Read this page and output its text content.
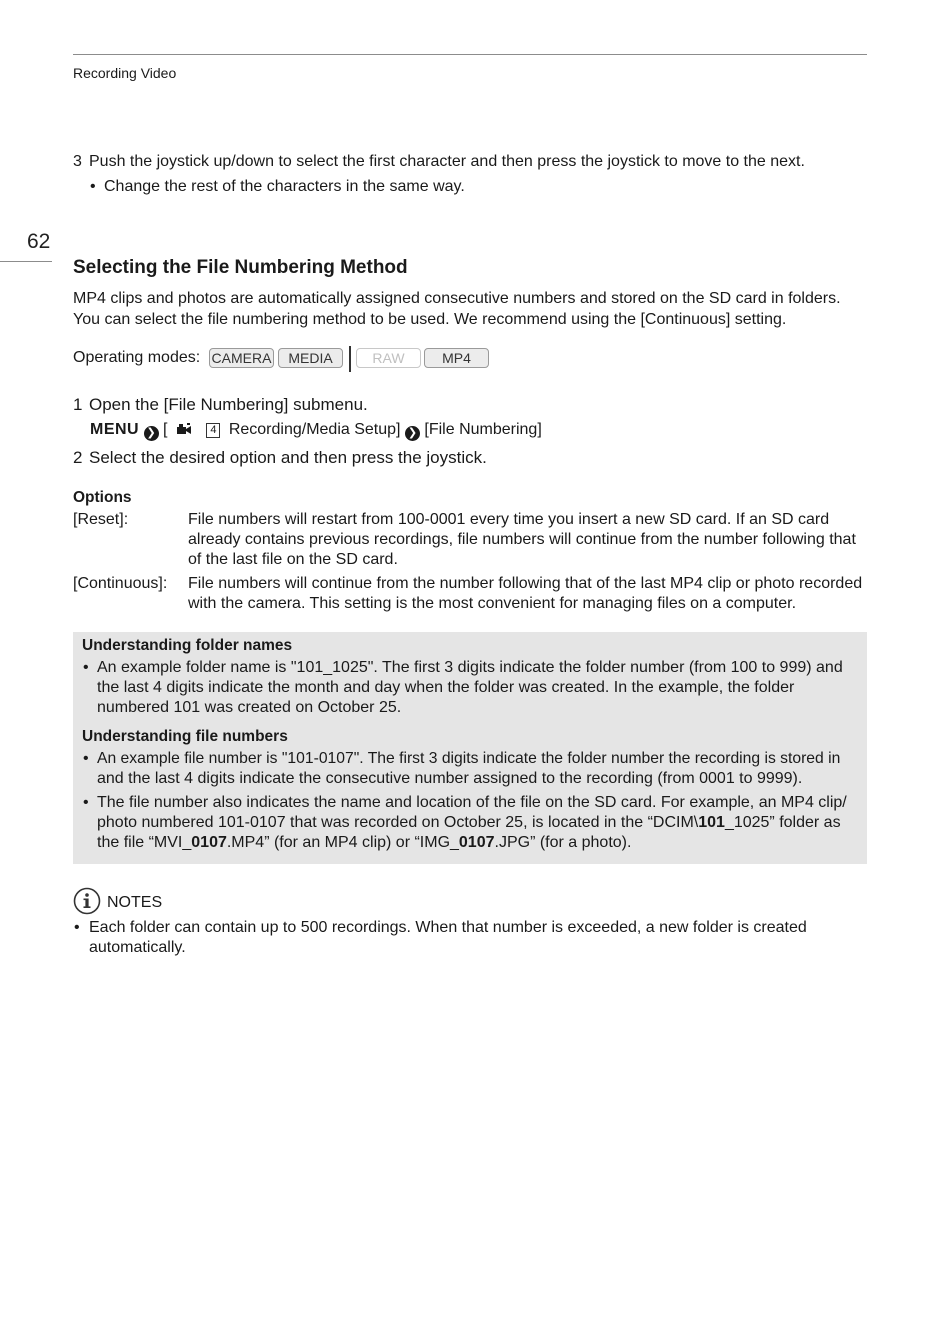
Recording Video
62
3 Push the joystick up/down to select the first character and then press the joystick to move to the next.
• Change the rest of the characters in the same way.
Selecting the File Numbering Method
MP4 clips and photos are automatically assigned consecutive numbers and stored on the SD card in folders.
You can select the file numbering method to be used. We recommend using the [Continuous] setting.
Operating modes: CAMERA	MEDIA	RAW	MP4
1 Open the [File Numbering] submenu.
MENU ❯ [	4 Recording/Media Setup] ❯ [File Numbering]
2 Select the desired option and then press the joystick.
Options
[Reset]:	File numbers will restart from 100-0001 every time you insert a new SD card. If an SD card
already contains previous recordings, file numbers will continue from the number following that
of the last file on the SD card.
[Continuous]: File numbers will continue from the number following that of the last MP4 clip or photo recorded
with the camera. This setting is the most convenient for managing files on a computer.
Understanding folder names
• An example folder name is "101_1025". The first 3 digits indicate the folder number (from 100 to 999) and
the last 4 digits indicate the month and day when the folder was created. In the example, the folder
numbered 101 was created on October 25.
Understanding file numbers
• An example file number is "101-0107". The first 3 digits indicate the folder number the recording is stored in
and the last 4 digits indicate the consecutive number assigned to the recording (from 0001 to 9999).
• The file number also indicates the name and location of the file on the SD card. For example, an MP4 clip/
photo numbered 101-0107 that was recorded on October 25, is located in the “DCIM\101_1025” folder as
the file “MVI_0107.MP4” (for an MP4 clip) or “IMG_0107.JPG” (for a photo).
NOTES
• Each folder can contain up to 500 recordings. When that number is exceeded, a new folder is created
automatically.
